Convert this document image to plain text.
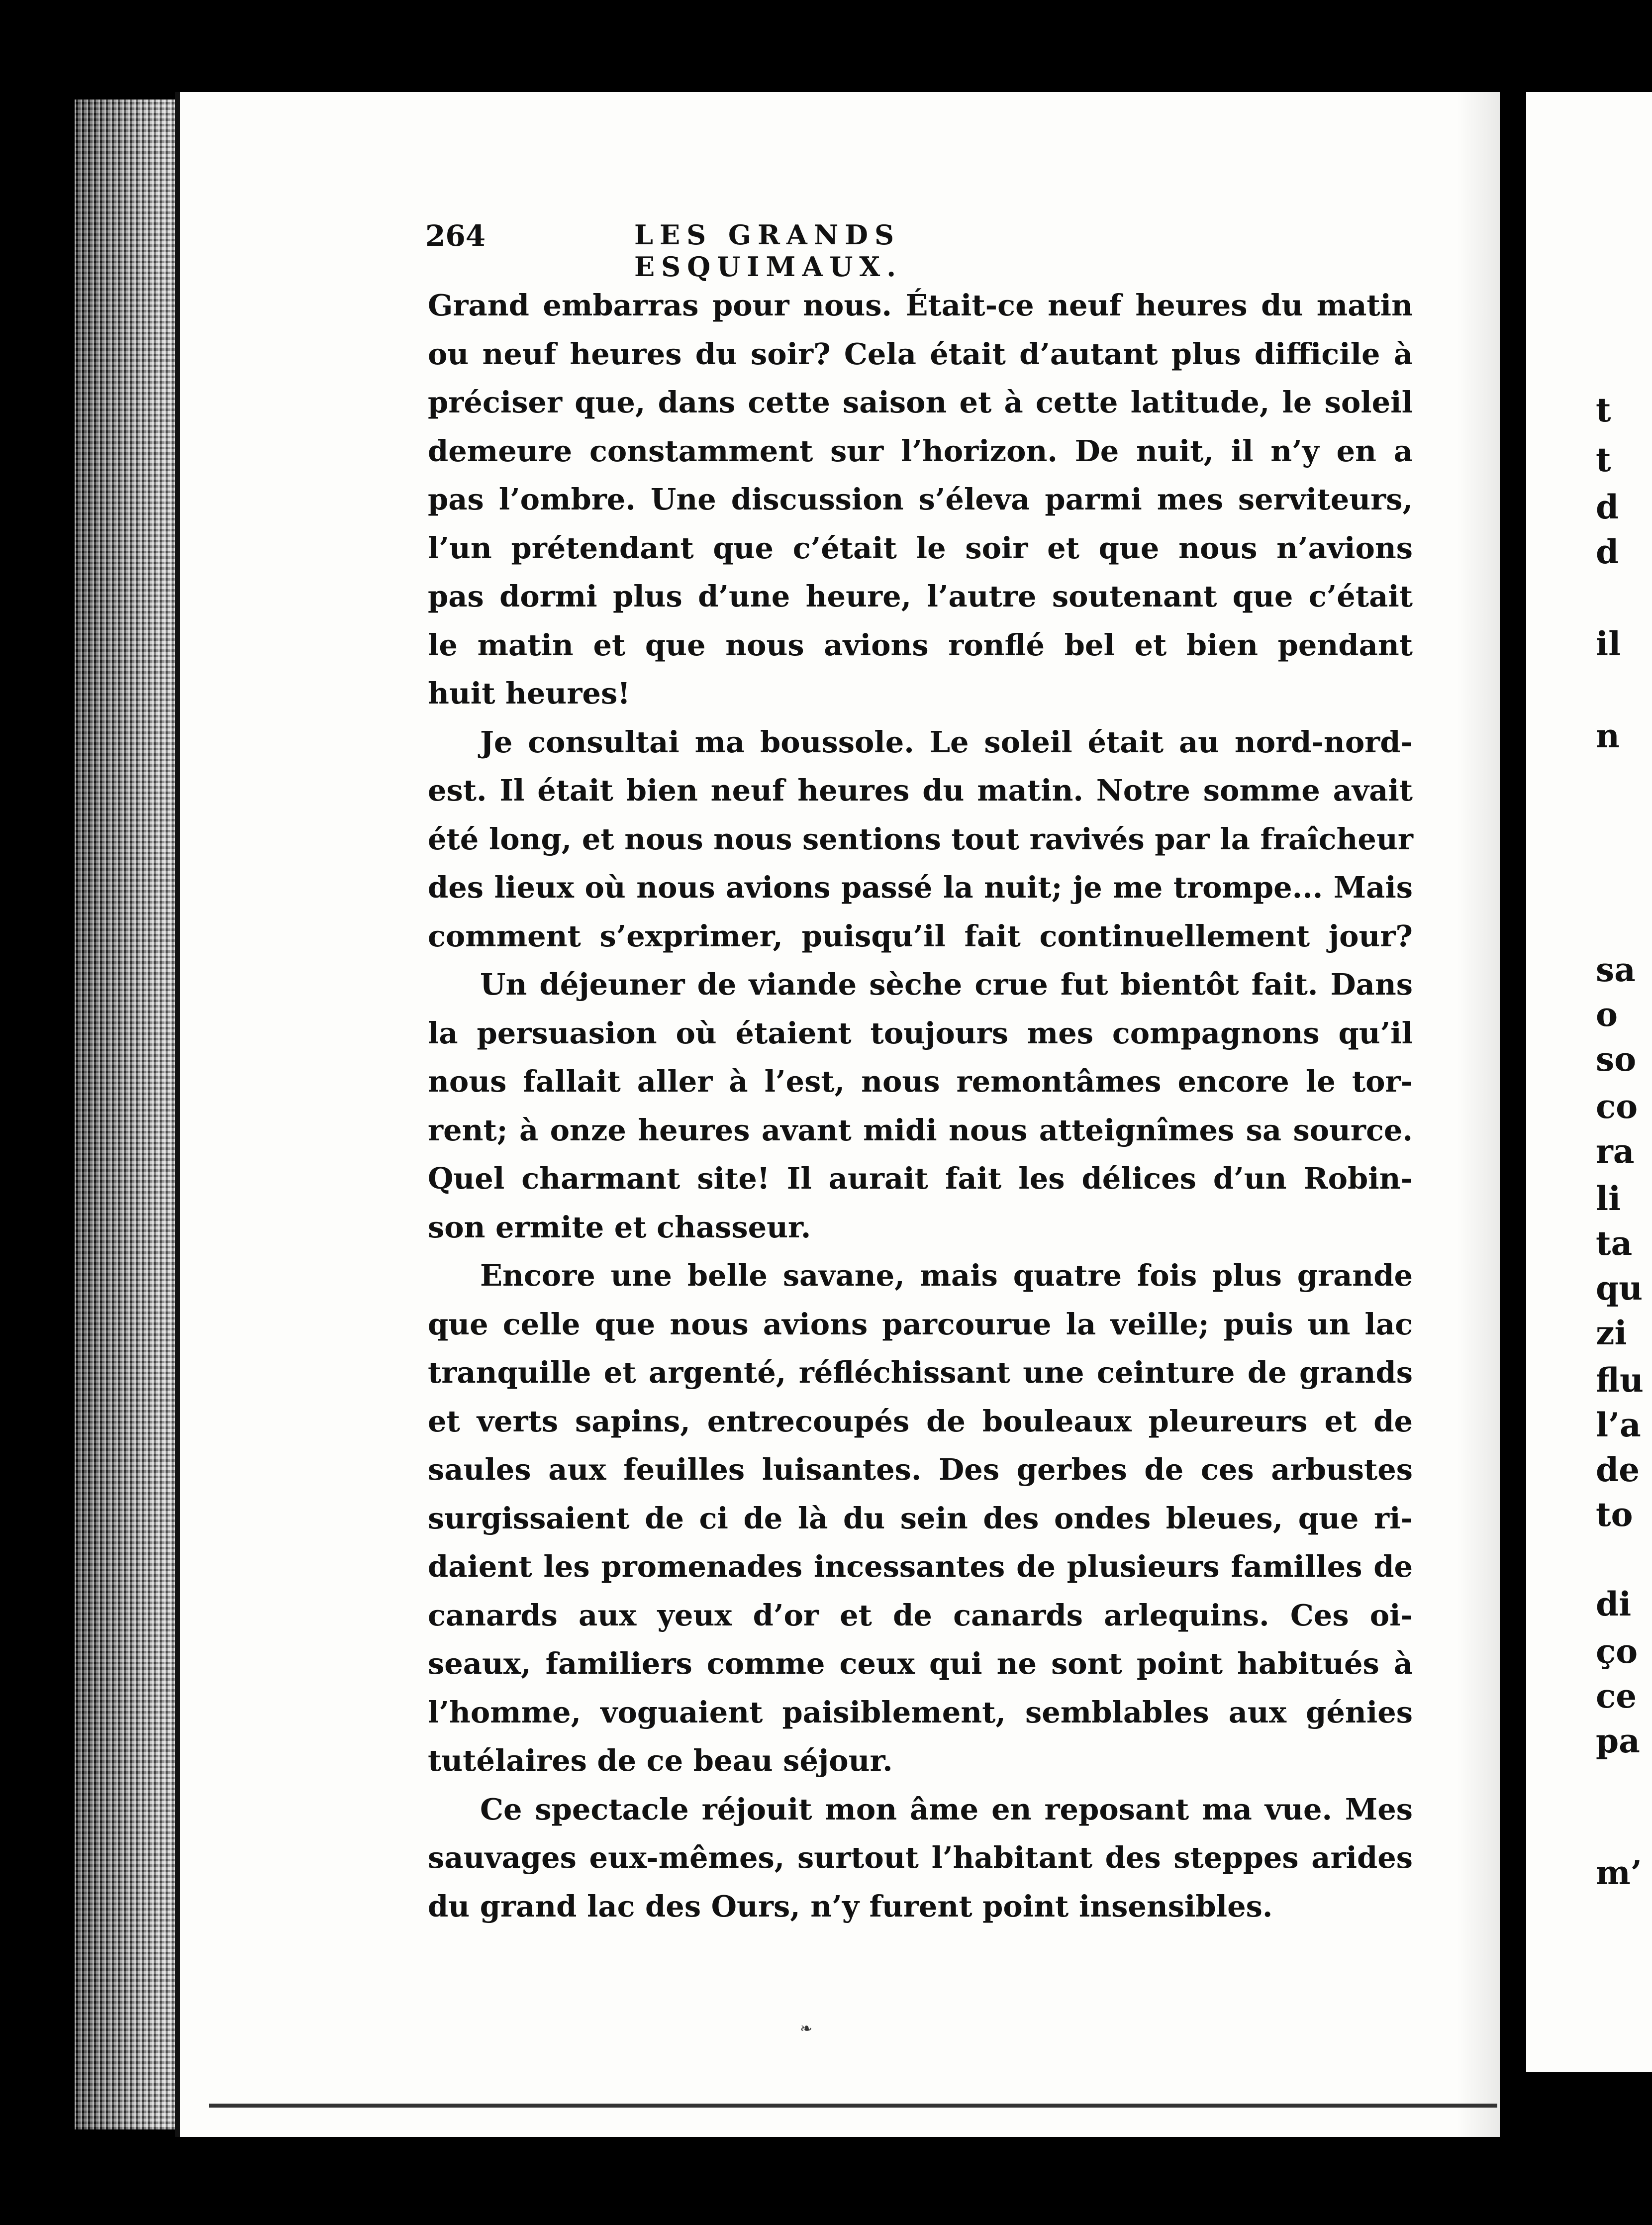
t
t
d
d
il
n
sa
o
so
co
ra
li
ta
qu
zi
flu
l’a
de
to
di
ço
ce
pa
m’
264	LES GRANDS ESQUIMAUX.
Grand embarras pour nous. Était-ce neuf heures du matin
ou neuf heures du soir? Cela était d’autant plus difficile à
préciser que, dans cette saison et à cette latitude, le soleil
demeure constamment sur l’horizon. De nuit, il n’y en a
pas l’ombre. Une discussion s’éleva parmi mes serviteurs,
l’un prétendant que c’était le soir et que nous n’avions
pas dormi plus d’une heure, l’autre soutenant que c’était
le matin et que nous avions ronflé bel et bien pendant
huit heures!
Je consultai ma boussole. Le soleil était au nord-nord-
est. Il était bien neuf heures du matin. Notre somme avait
été long, et nous nous sentions tout ravivés par la fraîcheur
des lieux où nous avions passé la nuit; je me trompe... Mais
comment s’exprimer, puisqu’il fait continuellement jour?
Un déjeuner de viande sèche crue fut bientôt fait. Dans
la persuasion où étaient toujours mes compagnons qu’il
nous fallait aller à l’est, nous remontâmes encore le tor-
rent; à onze heures avant midi nous atteignîmes sa source.
Quel charmant site! Il aurait fait les délices d’un Robin-
son ermite et chasseur.
Encore une belle savane, mais quatre fois plus grande
que celle que nous avions parcourue la veille; puis un lac
tranquille et argenté, réfléchissant une ceinture de grands
et verts sapins, entrecoupés de bouleaux pleureurs et de
saules aux feuilles luisantes. Des gerbes de ces arbustes
surgissaient de ci de là du sein des ondes bleues, que ri-
daient les promenades incessantes de plusieurs familles de
canards aux yeux d’or et de canards arlequins. Ces oi-
seaux, familiers comme ceux qui ne sont point habitués à
l’homme, voguaient paisiblement, semblables aux génies
tutélaires de ce beau séjour.
Ce spectacle réjouit mon âme en reposant ma vue. Mes
sauvages eux-mêmes, surtout l’habitant des steppes arides
du grand lac des Ours, n’y furent point insensibles.
❧
